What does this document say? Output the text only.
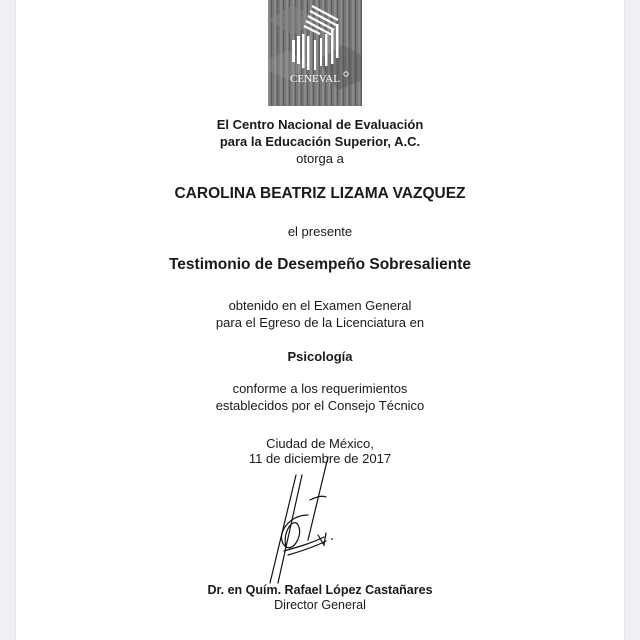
CENEVAL
El Centro Nacional de Evaluación
para la Educación Superior, A.C.
otorga a
CAROLINA BEATRIZ LIZAMA VAZQUEZ
el presente
Testimonio de Desempeño Sobresaliente
obtenido en el Examen General
para el Egreso de la Licenciatura en
Psicología
conforme a los requerimientos
establecidos por el Consejo Técnico
Ciudad de México,
11 de diciembre de 2017
Dr. en Quím. Rafael López Castañares
Director General
